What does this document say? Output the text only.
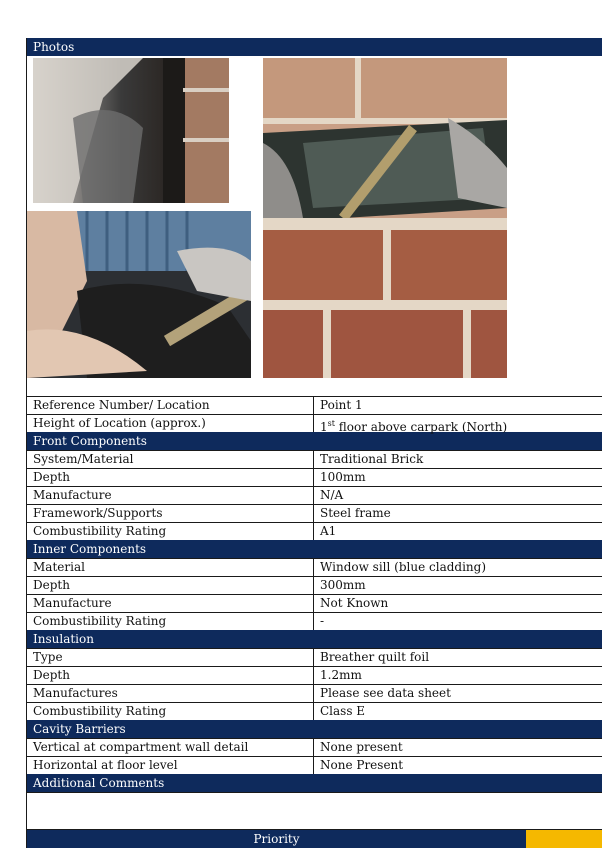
Photos
Reference Number/ Location	Point 1
Height of Location (approx.)	1st floor above carpark (North)
Front Components
System/Material	Traditional Brick
Depth	100mm
Manufacture	N/A
Framework/Supports	Steel frame
Combustibility Rating	A1
Inner Components
Material	Window sill (blue cladding)
Depth	300mm
Manufacture	Not Known
Combustibility Rating	-
Insulation
Type	Breather quilt foil
Depth	1.2mm
Manufactures	Please see data sheet
Combustibility Rating	Class E
Cavity Barriers
Vertical at compartment wall detail	None present
Horizontal at floor level	None Present
Additional Comments
Priority
